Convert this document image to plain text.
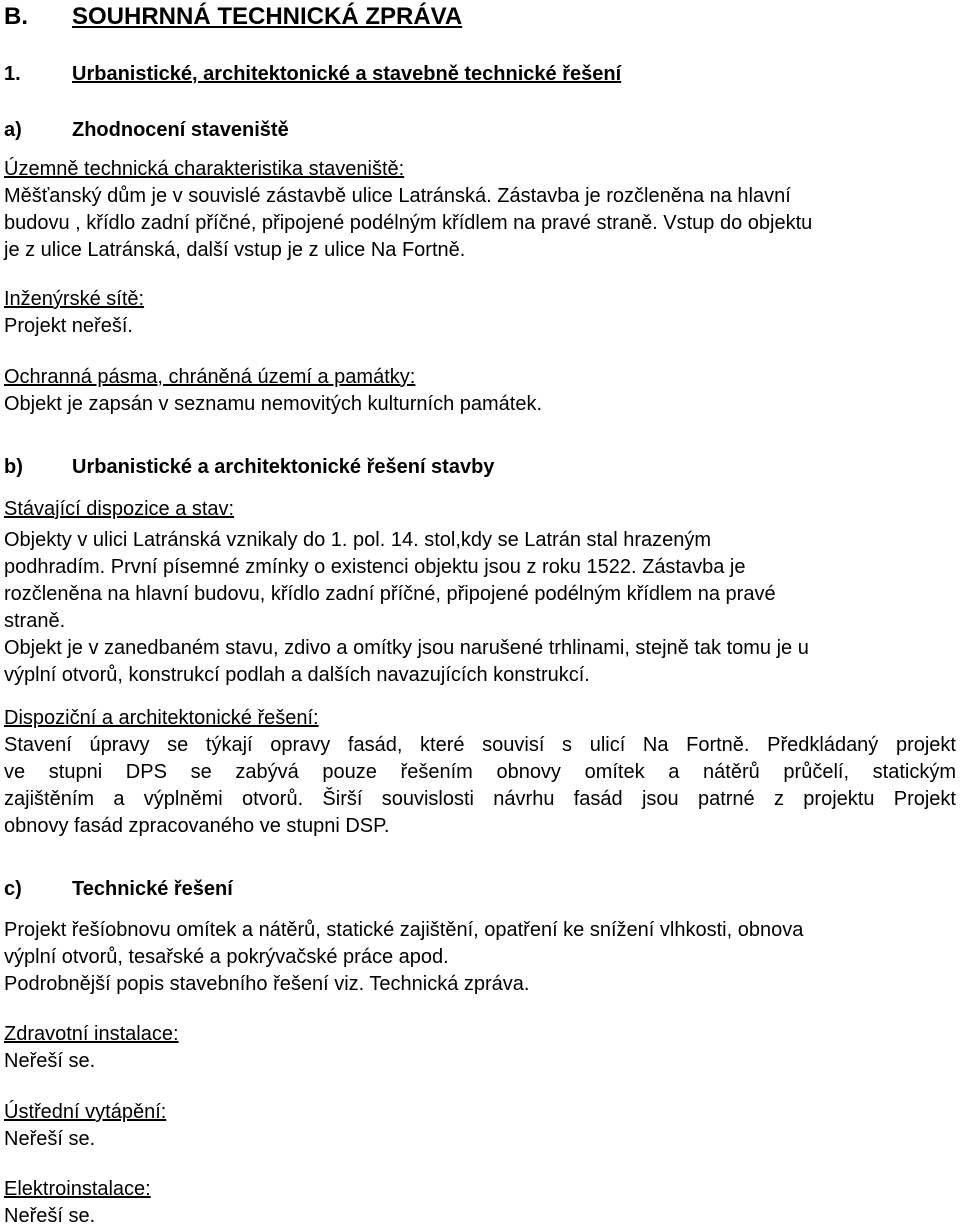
B. SOUHRNNÁ TECHNICKÁ ZPRÁVA
1.	Urbanistické, architektonické a stavebně technické řešení
a)	Zhodnocení staveniště
Územně technická charakteristika staveniště:
Měšťanský dům je v souvislé zástavbě ulice Latránská. Zástavba je rozčleněna na hlavní
budovu , křídlo zadní příčné, připojené podélným křídlem na pravé straně. Vstup do objektu
je z ulice Latránská, další vstup je z ulice Na Fortně.
Inženýrské sítě:
Projekt neřeší.
Ochranná pásma, chráněná území a památky:
Objekt je zapsán v seznamu nemovitých kulturních památek.
b) Urbanistické a architektonické řešení stavby
Stávající dispozice a stav:
Objekty v ulici Latránská vznikaly do 1. pol. 14. stol,kdy se Latrán stal hrazeným
podhradím. První písemné zmínky o existenci objektu jsou z roku 1522. Zástavba je
rozčleněna na hlavní budovu, křídlo zadní příčné, připojené podélným křídlem na pravé
straně.
Objekt je v zanedbaném stavu, zdivo a omítky jsou narušené trhlinami, stejně tak tomu je u
výplní otvorů, konstrukcí podlah a dalších navazujících konstrukcí.
Dispoziční a architektonické řešení:
Stavení úpravy se týkají opravy fasád, které souvisí s ulicí Na Fortně. Předkládaný projekt
ve stupni DPS se zabývá pouze řešením obnovy omítek a nátěrů průčelí, statickým
zajištěním a výplněmi otvorů. Širší souvislosti návrhu fasád jsou patrné z projektu Projekt
obnovy fasád zpracovaného ve stupni DSP.
c)	Technické řešení
Projekt řešíobnovu omítek a nátěrů, statické zajištění, opatření ke snížení vlhkosti, obnova
výplní otvorů, tesařské a pokrývačské práce apod.
Podrobnější popis stavebního řešení viz. Technická zpráva.
Zdravotní instalace:
Neřeší se.
Ústřední vytápění:
Neřeší se.
Elektroinstalace:
Neřeší se.
